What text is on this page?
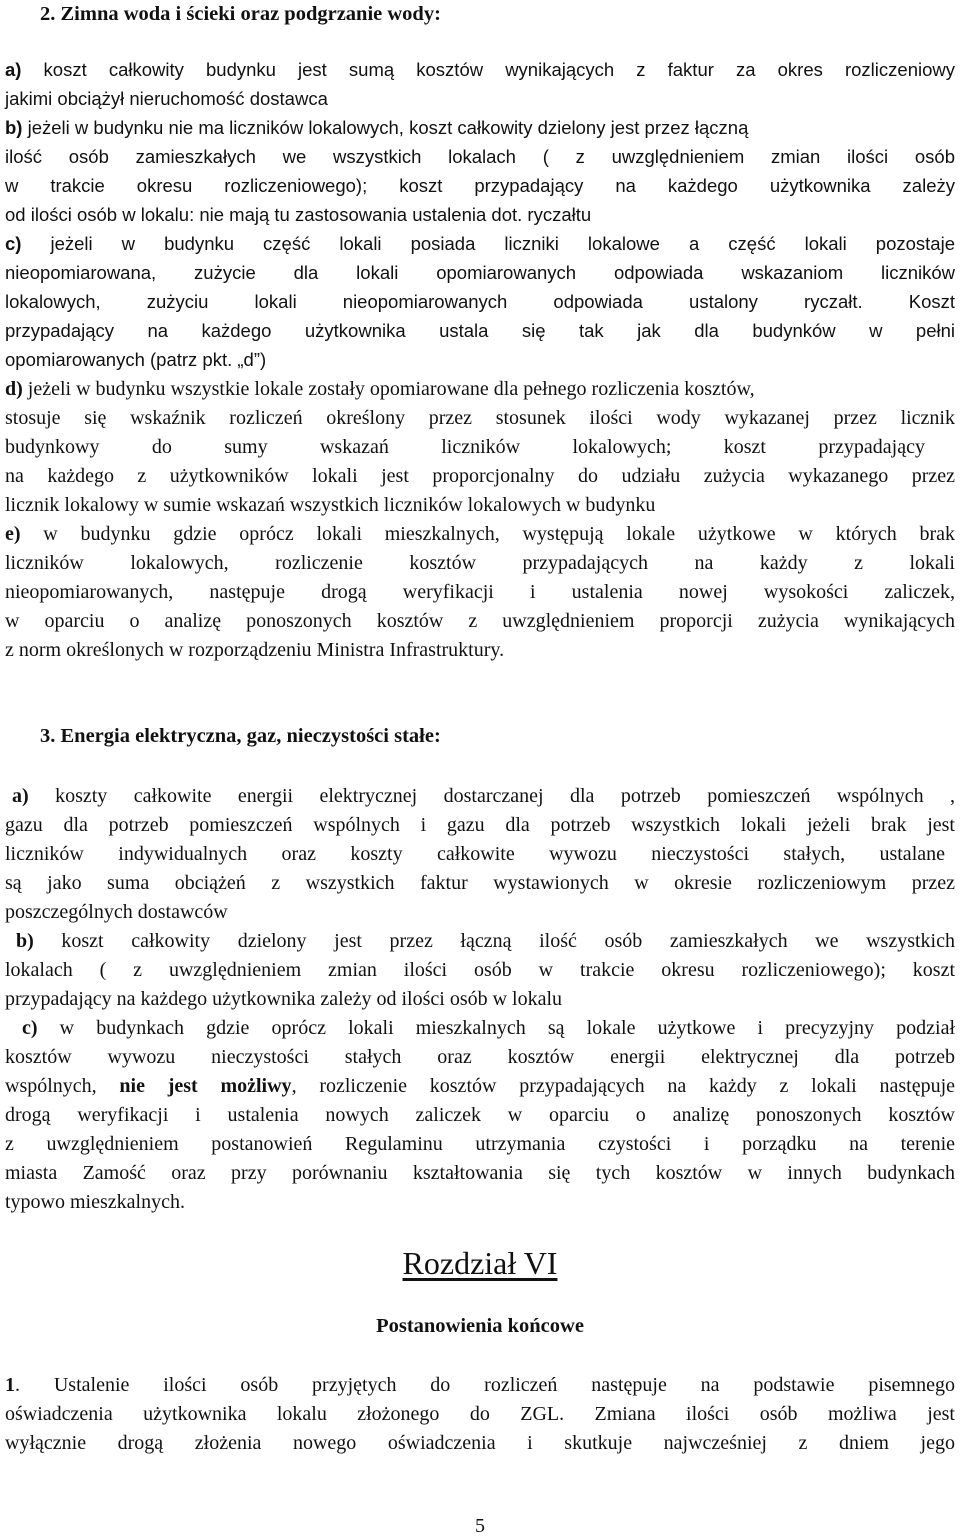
2. Zimna woda i ścieki oraz podgrzanie wody:
a) koszt całkowity budynku jest sumą kosztów wynikających z faktur za okres rozliczeniowy
jakimi obciążył nieruchomość dostawca
b) jeżeli w budynku nie ma liczników lokalowych, koszt całkowity dzielony jest przez łączną
ilość osób zamieszkałych we wszystkich lokalach ( z uwzględnieniem zmian ilości osób
w trakcie okresu rozliczeniowego); koszt przypadający na każdego użytkownika zależy
od ilości osób w lokalu: nie mają tu zastosowania ustalenia dot. ryczałtu
c) jeżeli w budynku część lokali posiada liczniki lokalowe a część lokali pozostaje
nieopomiarowana, zużycie dla lokali opomiarowanych odpowiada wskazaniom liczników
lokalowych, zużyciu lokali nieopomiarowanych odpowiada ustalony ryczałt. Koszt
przypadający na każdego użytkownika ustala się tak jak dla budynków w pełni
opomiarowanych (patrz pkt. „d”)
d) jeżeli w budynku wszystkie lokale zostały opomiarowane dla pełnego rozliczenia kosztów,
stosuje się wskaźnik rozliczeń określony przez stosunek ilości wody wykazanej przez licznik
budynkowy do sumy wskazań liczników lokalowych; koszt przypadający
na każdego z użytkowników lokali jest proporcjonalny do udziału zużycia wykazanego przez
licznik lokalowy w sumie wskazań wszystkich liczników lokalowych w budynku
e) w budynku gdzie oprócz lokali mieszkalnych, występują lokale użytkowe w których brak
liczników lokalowych, rozliczenie kosztów przypadających na każdy z lokali
nieopomiarowanych, następuje drogą weryfikacji i ustalenia nowej wysokości zaliczek,
w oparciu o analizę ponoszonych kosztów z uwzględnieniem proporcji zużycia wynikających
z norm określonych w rozporządzeniu Ministra Infrastruktury.
3. Energia elektryczna, gaz, nieczystości stałe:
a) koszty całkowite energii elektrycznej dostarczanej dla potrzeb pomieszczeń wspólnych ,
gazu dla potrzeb pomieszczeń wspólnych i gazu dla potrzeb wszystkich lokali jeżeli brak jest
liczników indywidualnych oraz koszty całkowite wywozu nieczystości stałych, ustalane
są jako suma obciążeń z wszystkich faktur wystawionych w okresie rozliczeniowym przez
poszczególnych dostawców
b) koszt całkowity dzielony jest przez łączną ilość osób zamieszkałych we wszystkich
lokalach ( z uwzględnieniem zmian ilości osób w trakcie okresu rozliczeniowego); koszt
przypadający na każdego użytkownika zależy od ilości osób w lokalu
c) w budynkach gdzie oprócz lokali mieszkalnych są lokale użytkowe i precyzyjny podział
kosztów wywozu nieczystości stałych oraz kosztów energii elektrycznej dla potrzeb
wspólnych, nie jest możliwy, rozliczenie kosztów przypadających na każdy z lokali następuje
drogą weryfikacji i ustalenia nowych zaliczek w oparciu o analizę ponoszonych kosztów
z uwzględnieniem postanowień Regulaminu utrzymania czystości i porządku na terenie
miasta Zamość oraz przy porównaniu kształtowania się tych kosztów w innych budynkach
typowo mieszkalnych.
Rozdział VI
Postanowienia końcowe
1. Ustalenie ilości osób przyjętych do rozliczeń następuje na podstawie pisemnego
oświadczenia użytkownika lokalu złożonego do ZGL. Zmiana ilości osób możliwa jest
wyłącznie drogą złożenia nowego oświadczenia i skutkuje najwcześniej z dniem jego
5
